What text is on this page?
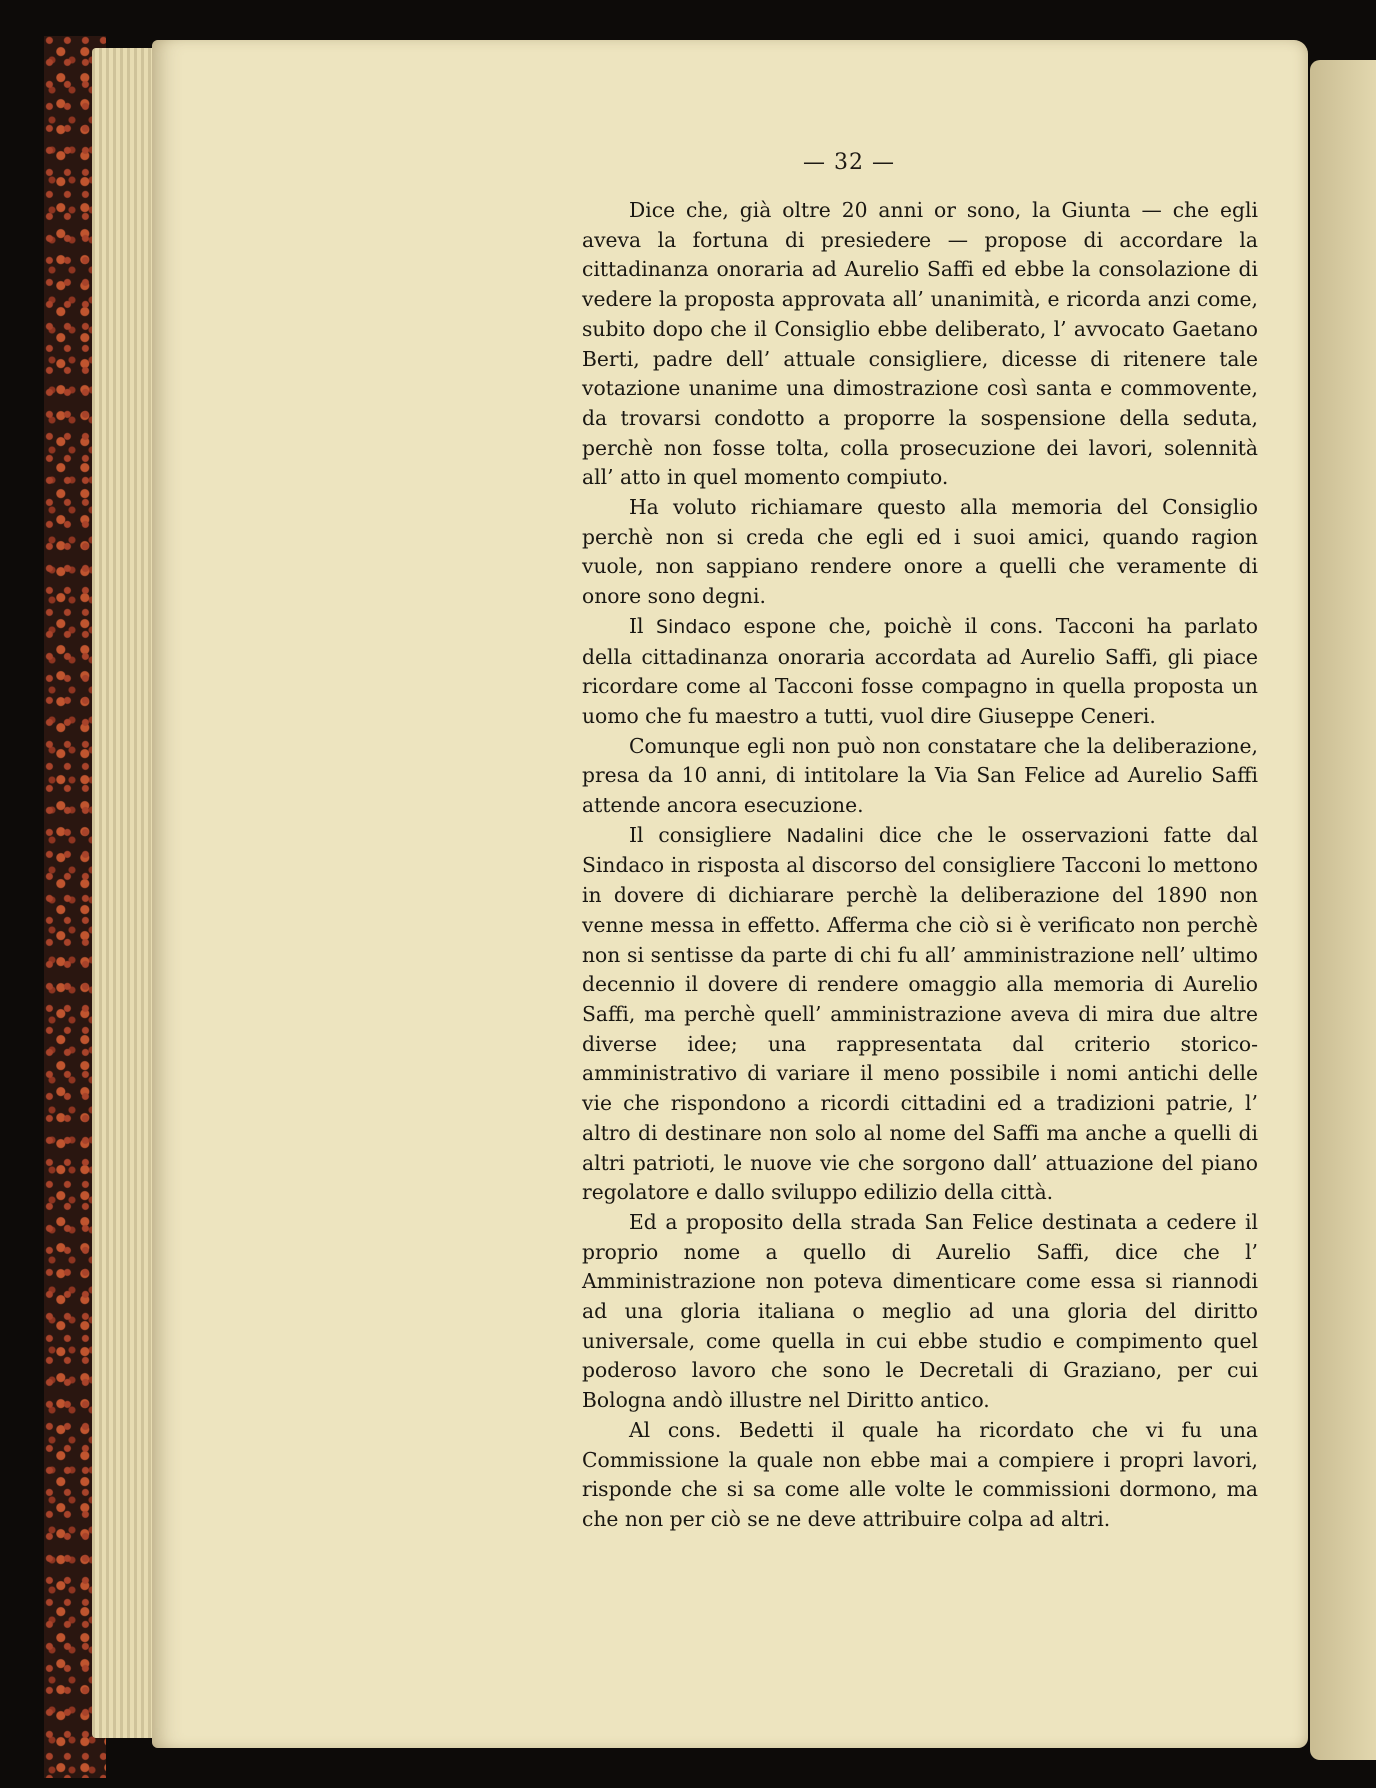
— 32 —

Dice che, già oltre 20 anni or sono, la Giunta — che egli aveva la fortuna di presiedere — propose di accordare la cittadinanza onoraria ad Aurelio Saffi ed ebbe la consolazione di vedere la proposta approvata all’ unanimità, e ricorda anzi come, subito dopo che il Consiglio ebbe deliberato, l’ avvocato Gaetano Berti, padre dell’ attuale consigliere, dicesse di ritenere tale votazione unanime una dimostrazione così santa e commovente, da trovarsi condotto a proporre la sospensione della seduta, perchè non fosse tolta, colla prosecuzione dei lavori, solennità all’ atto in quel momento compiuto.

Ha voluto richiamare questo alla memoria del Consiglio perchè non si creda che egli ed i suoi amici, quando ragion vuole, non sappiano rendere onore a quelli che veramente di onore sono degni.

Il Sindaco espone che, poichè il cons. Tacconi ha parlato della cittadinanza onoraria accordata ad Aurelio Saffi, gli piace ricordare come al Tacconi fosse compagno in quella proposta un uomo che fu maestro a tutti, vuol dire Giuseppe Ceneri.

Comunque egli non può non constatare che la deliberazione, presa da 10 anni, di intitolare la Via San Felice ad Aurelio Saffi attende ancora esecuzione.

Il consigliere Nadalini dice che le osservazioni fatte dal Sindaco in risposta al discorso del consigliere Tacconi lo mettono in dovere di dichiarare perchè la deliberazione del 1890 non venne messa in effetto. Afferma che ciò si è verificato non perchè non si sentisse da parte di chi fu all’ amministrazione nell’ ultimo decennio il dovere di rendere omaggio alla memoria di Aurelio Saffi, ma perchè quell’ amministrazione aveva di mira due altre diverse idee; una rappresentata dal criterio storico-amministrativo di variare il meno possibile i nomi antichi delle vie che rispondono a ricordi cittadini ed a tradizioni patrie, l’ altro di destinare non solo al nome del Saffi ma anche a quelli di altri patrioti, le nuove vie che sorgono dall’ attuazione del piano regolatore e dallo sviluppo edilizio della città.

Ed a proposito della strada San Felice destinata a cedere il proprio nome a quello di Aurelio Saffi, dice che l’ Amministrazione non poteva dimenticare come essa si riannodi ad una gloria italiana o meglio ad una gloria del diritto universale, come quella in cui ebbe studio e compimento quel poderoso lavoro che sono le Decretali di Graziano, per cui Bologna andò illustre nel Diritto antico.

Al cons. Bedetti il quale ha ricordato che vi fu una Commissione la quale non ebbe mai a compiere i propri lavori, risponde che si sa come alle volte le commissioni dormono, ma che non per ciò se ne deve attribuire colpa ad altri.
